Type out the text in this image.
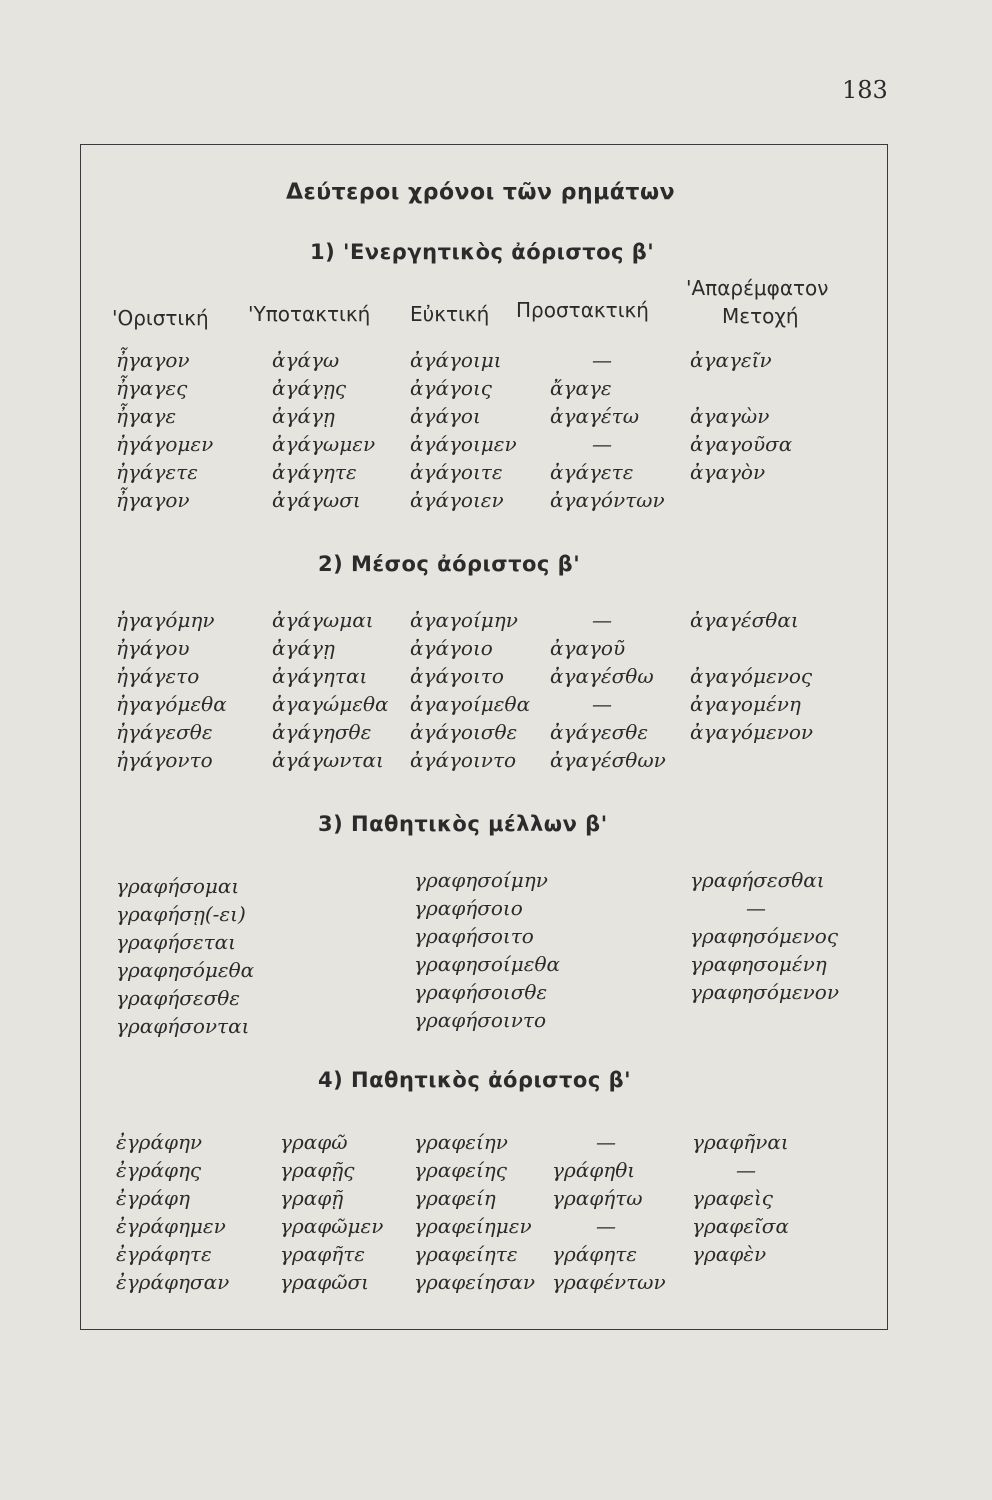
183
Δεύτεροι χρόνοι τῶν ρημάτων
1) 'Ενεργητικὸς ἀόριστος β'
'Οριστική 'Υποτακτική Εὐκτική Προστακτική
'Απαρέμφατον
Μετοχή
ἦγαγον
ἦγαγες
ἦγαγε
ἠγάγομεν
ἠγάγετε
ἦγαγον
ἀγάγω
ἀγάγῃς
ἀγάγῃ
ἀγάγωμεν
ἀγάγητε
ἀγάγωσι
ἀγάγοιμι
ἀγάγοις
ἀγάγοι
ἀγάγοιμεν
ἀγάγοιτε
ἀγάγοιεν
—
ἄγαγε
ἀγαγέτω
—
ἀγάγετε
ἀγαγόντων
ἀγαγεῖν
ἀγαγὼν
ἀγαγοῦσα
ἀγαγὸν
2) Μέσος ἀόριστος β'
ἠγαγόμην
ἠγάγου
ἠγάγετο
ἠγαγόμεθα
ἠγάγεσθε
ἠγάγοντο
ἀγάγωμαι
ἀγάγῃ
ἀγάγηται
ἀγαγώμεθα
ἀγάγησθε
ἀγάγωνται
ἀγαγοίμην
ἀγάγοιο
ἀγάγοιτο
ἀγαγοίμεθα
ἀγάγοισθε
ἀγάγοιντο
—
ἀγαγοῦ
ἀγαγέσθω
—
ἀγάγεσθε
ἀγαγέσθων
ἀγαγέσθαι
ἀγαγόμενος
ἀγαγομένη
ἀγαγόμενον
3) Παθητικὸς μέλλων β'
γραφήσομαι
γραφήσῃ(-ει)
γραφήσεται
γραφησόμεθα
γραφήσεσθε
γραφήσονται
γραφησοίμην
γραφήσοιο
γραφήσοιτο
γραφησοίμεθα
γραφήσοισθε
γραφήσοιντο
γραφήσεσθαι
—
γραφησόμενος
γραφησομένη
γραφησόμενον
4) Παθητικὸς ἀόριστος β'
ἐγράφην
ἐγράφης
ἐγράφη
ἐγράφημεν
ἐγράφητε
ἐγράφησαν
γραφῶ
γραφῇς
γραφῇ
γραφῶμεν
γραφῆτε
γραφῶσι
γραφείην
γραφείης
γραφείη
γραφείημεν
γραφείητε
γραφείησαν
—
γράφηθι
γραφήτω
—
γράφητε
γραφέντων
γραφῆναι
—
γραφεὶς
γραφεῖσα
γραφὲν
